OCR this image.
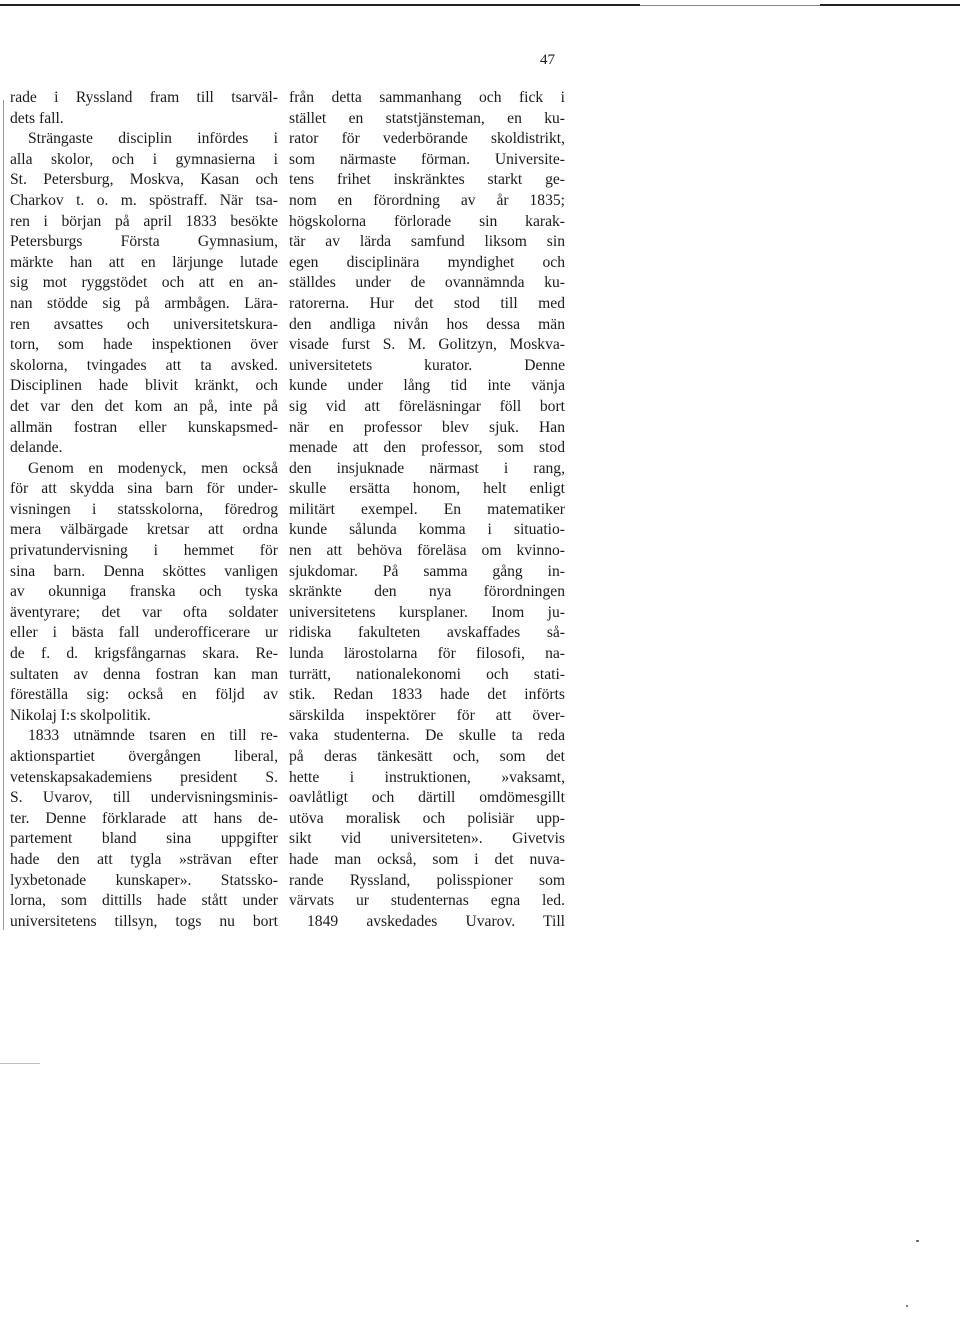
47
rade i Ryssland fram till tsarväl-
dets fall.
Strängaste disciplin infördes i
alla skolor, och i gymnasierna i
St. Petersburg, Moskva, Kasan och
Charkov t. o. m. spöstraff. När tsa-
ren i början på april 1833 besökte
Petersburgs Första Gymnasium,
märkte han att en lärjunge lutade
sig mot ryggstödet och att en an-
nan stödde sig på armbågen. Lära-
ren avsattes och universitetskura-
torn, som hade inspektionen över
skolorna, tvingades att ta avsked.
Disciplinen hade blivit kränkt, och
det var den det kom an på, inte på
allmän fostran eller kunskapsmed-
delande.
Genom en modenyck, men också
för att skydda sina barn för under-
visningen i statsskolorna, föredrog
mera välbärgade kretsar att ordna
privatundervisning i hemmet för
sina barn. Denna sköttes vanligen
av okunniga franska och tyska
äventyrare; det var ofta soldater
eller i bästa fall underofficerare ur
de f. d. krigsfångarnas skara. Re-
sultaten av denna fostran kan man
föreställa sig: också en följd av
Nikolaj I:s skolpolitik.
1833 utnämnde tsaren en till re-
aktionspartiet övergången liberal,
vetenskapsakademiens president S.
S. Uvarov, till undervisningsminis-
ter. Denne förklarade att hans de-
partement bland sina uppgifter
hade den att tygla »strävan efter
lyxbetonade kunskaper». Statssko-
lorna, som dittills hade stått under
universitetens tillsyn, togs nu bort
från detta sammanhang och fick i
stället en statstjänsteman, en ku-
rator för vederbörande skoldistrikt,
som närmaste förman. Universite-
tens frihet inskränktes starkt ge-
nom en förordning av år 1835;
högskolorna förlorade sin karak-
tär av lärda samfund liksom sin
egen disciplinära myndighet och
ställdes under de ovannämnda ku-
ratorerna. Hur det stod till med
den andliga nivån hos dessa män
visade furst S. M. Golitzyn, Moskva-
universitetets kurator. Denne
kunde under lång tid inte vänja
sig vid att föreläsningar föll bort
när en professor blev sjuk. Han
menade att den professor, som stod
den insjuknade närmast i rang,
skulle ersätta honom, helt enligt
militärt exempel. En matematiker
kunde sålunda komma i situatio-
nen att behöva föreläsa om kvinno-
sjukdomar. På samma gång in-
skränkte den nya förordningen
universitetens kursplaner. Inom ju-
ridiska fakulteten avskaffades så-
lunda lärostolarna för filosofi, na-
turrätt, nationalekonomi och stati-
stik. Redan 1833 hade det införts
särskilda inspektörer för att över-
vaka studenterna. De skulle ta reda
på deras tänkesätt och, som det
hette i instruktionen, »vaksamt,
oavlåtligt och därtill omdömesgillt
utöva moralisk och polisiär upp-
sikt vid universiteten». Givetvis
hade man också, som i det nuva-
rande Ryssland, polisspioner som
värvats ur studenternas egna led.
1849 avskedades Uvarov. Till
